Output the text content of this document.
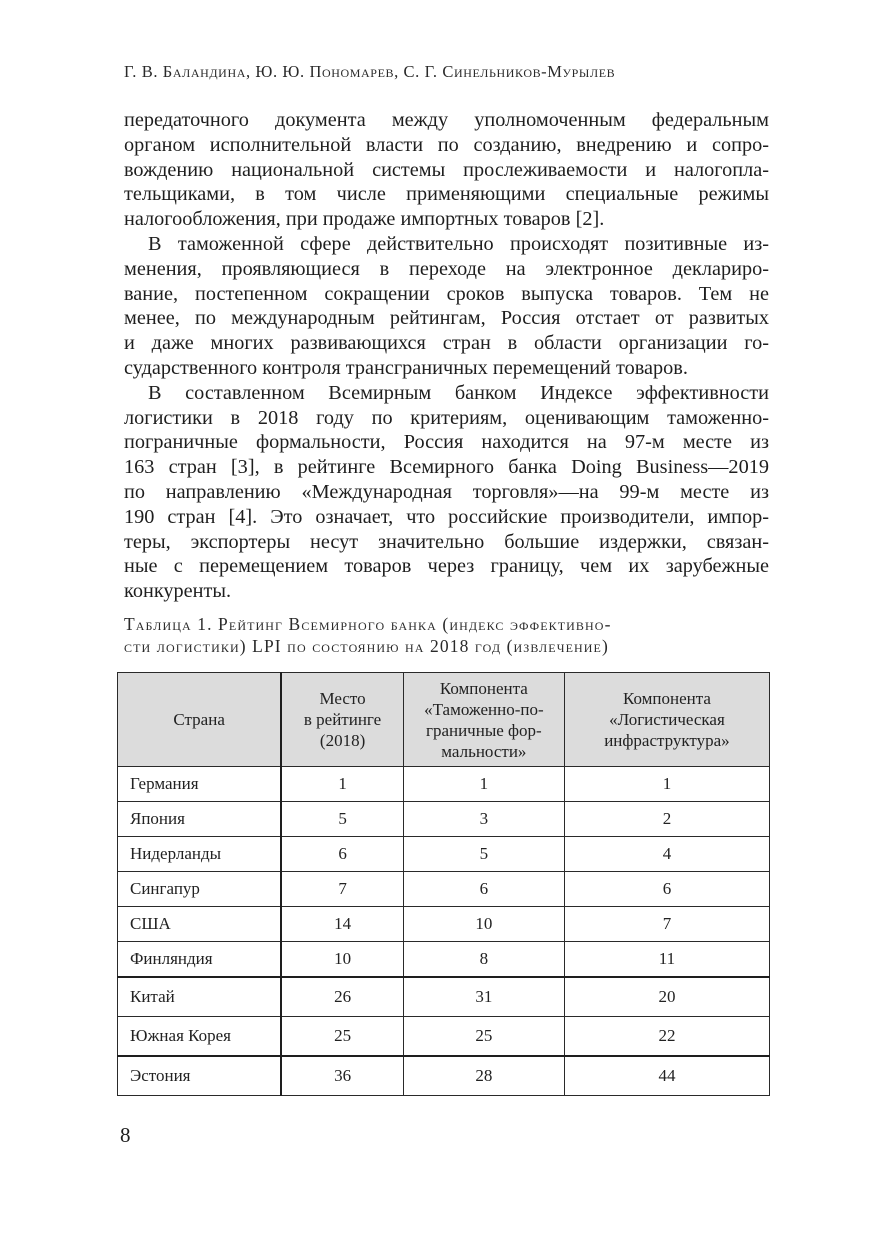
Г. В. Баландина, Ю. Ю. Пономарев, С. Г. Синельников-Мурылев

передаточного документа между уполномоченным федеральным
органом исполнительной власти по созданию, внедрению и сопро-
вождению национальной системы прослеживаемости и налогопла-
тельщиками, в том числе применяющими специальные режимы
налогообложения, при продаже импортных товаров [2].

В таможенной сфере действительно происходят позитивные из-
менения, проявляющиеся в переходе на электронное деклариро-
вание, постепенном сокращении сроков выпуска товаров. Тем не
менее, по международным рейтингам, Россия отстает от развитых
и даже многих развивающихся стран в области организации го-
сударственного контроля трансграничных перемещений товаров.

В составленном Всемирным банком Индексе эффективности
логистики в 2018 году по критериям, оценивающим таможенно-
пограничные формальности, Россия находится на 97-м месте из
163 стран [3], в рейтинге Всемирного банка Doing Business—2019
по направлению «Международная торговля»—на 99-м месте из
190 стран [4]. Это означает, что российские производители, импор-
теры, экспортеры несут значительно большие издержки, связан-
ные с перемещением товаров через границу, чем их зарубежные
конкуренты.

Таблица 1. Рейтинг Всемирного банка (индекс эффективно-
сти логистики) LPI по состоянию на 2018 год (извлечение)
Страна	Место
в рейтинге
(2018)	Компонента
«Таможенно-по-
граничные фор-
мальности»	Компонента
«Логистическая
инфраструктура»
Германия	1	1	1
Япония	5	3	2
Нидерланды	6	5	4
Сингапур	7	6	6
США	14	10	7
Финляндия	10	8	11
Китай	26	31	20
Южная Корея	25	25	22
Эстония	36	28	44
8
